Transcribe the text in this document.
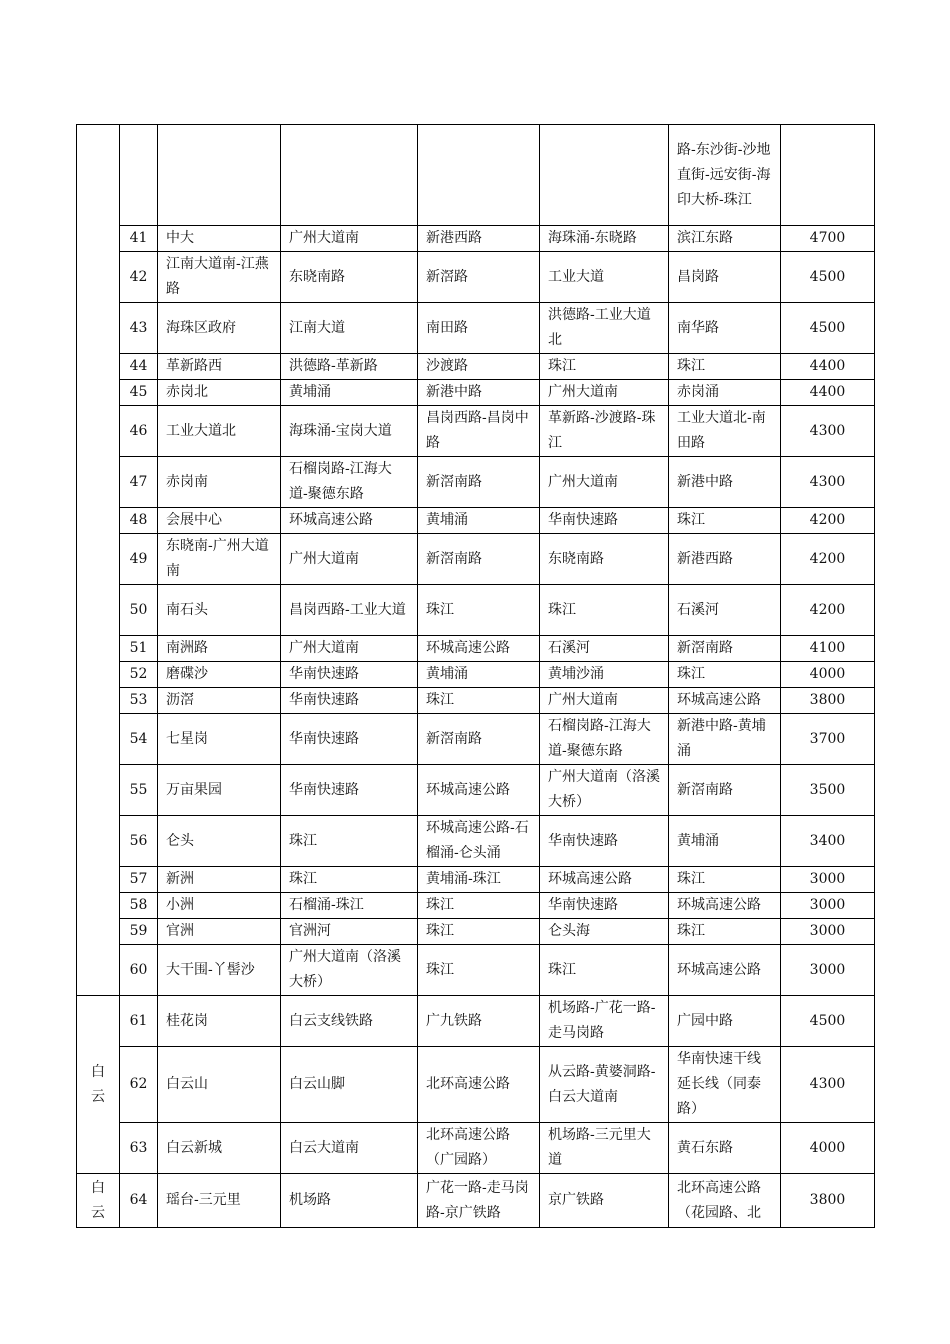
						路-东沙街-沙地直街-远安街-海印大桥-珠江	
	41	中大	广州大道南	新港西路	海珠涌-东晓路	滨江东路	4700
	42	江南大道南-江燕路	东晓南路	新滘路	工业大道	昌岗路	4500
	43	海珠区政府	江南大道	南田路	洪德路-工业大道北	南华路	4500
	44	革新路西	洪德路-革新路	沙渡路	珠江	珠江	4400
	45	赤岗北	黄埔涌	新港中路	广州大道南	赤岗涌	4400
	46	工业大道北	海珠涌-宝岗大道	昌岗西路-昌岗中路	革新路-沙渡路-珠江	工业大道北-南田路	4300
	47	赤岗南	石榴岗路-江海大道-聚德东路	新滘南路	广州大道南	新港中路	4300
	48	会展中心	环城高速公路	黄埔涌	华南快速路	珠江	4200
	49	东晓南-广州大道南	广州大道南	新滘南路	东晓南路	新港西路	4200
	50	南石头	昌岗西路-工业大道	珠江	珠江	石溪河	4200
	51	南洲路	广州大道南	环城高速公路	石溪河	新滘南路	4100
	52	磨碟沙	华南快速路	黄埔涌	黄埔沙涌	珠江	4000
	53	沥滘	华南快速路	珠江	广州大道南	环城高速公路	3800
	54	七星岗	华南快速路	新滘南路	石榴岗路-江海大道-聚德东路	新港中路-黄埔涌	3700
	55	万亩果园	华南快速路	环城高速公路	广州大道南（洛溪大桥）	新滘南路	3500
	56	仑头	珠江	环城高速公路-石榴涌-仑头涌	华南快速路	黄埔涌	3400
	57	新洲	珠江	黄埔涌-珠江	环城高速公路	珠江	3000
	58	小洲	石榴涌-珠江	珠江	华南快速路	环城高速公路	3000
	59	官洲	官洲河	珠江	仑头海	珠江	3000
	60	大干围-丫髻沙	广州大道南（洛溪大桥）	珠江	珠江	环城高速公路	3000
白云	61	桂花岗	白云支线铁路	广九铁路	机场路-广花一路-走马岗路	广园中路	4500
	62	白云山	白云山脚	北环高速公路	从云路-黄婆洞路-白云大道南	华南快速干线延长线（同泰路）	4300
	63	白云新城	白云大道南	北环高速公路（广园路）	机场路-三元里大道	黄石东路	4000
白云	64	瑶台-三元里	机场路	广花一路-走马岗路-京广铁路	京广铁路	北环高速公路（花园路、北	3800
